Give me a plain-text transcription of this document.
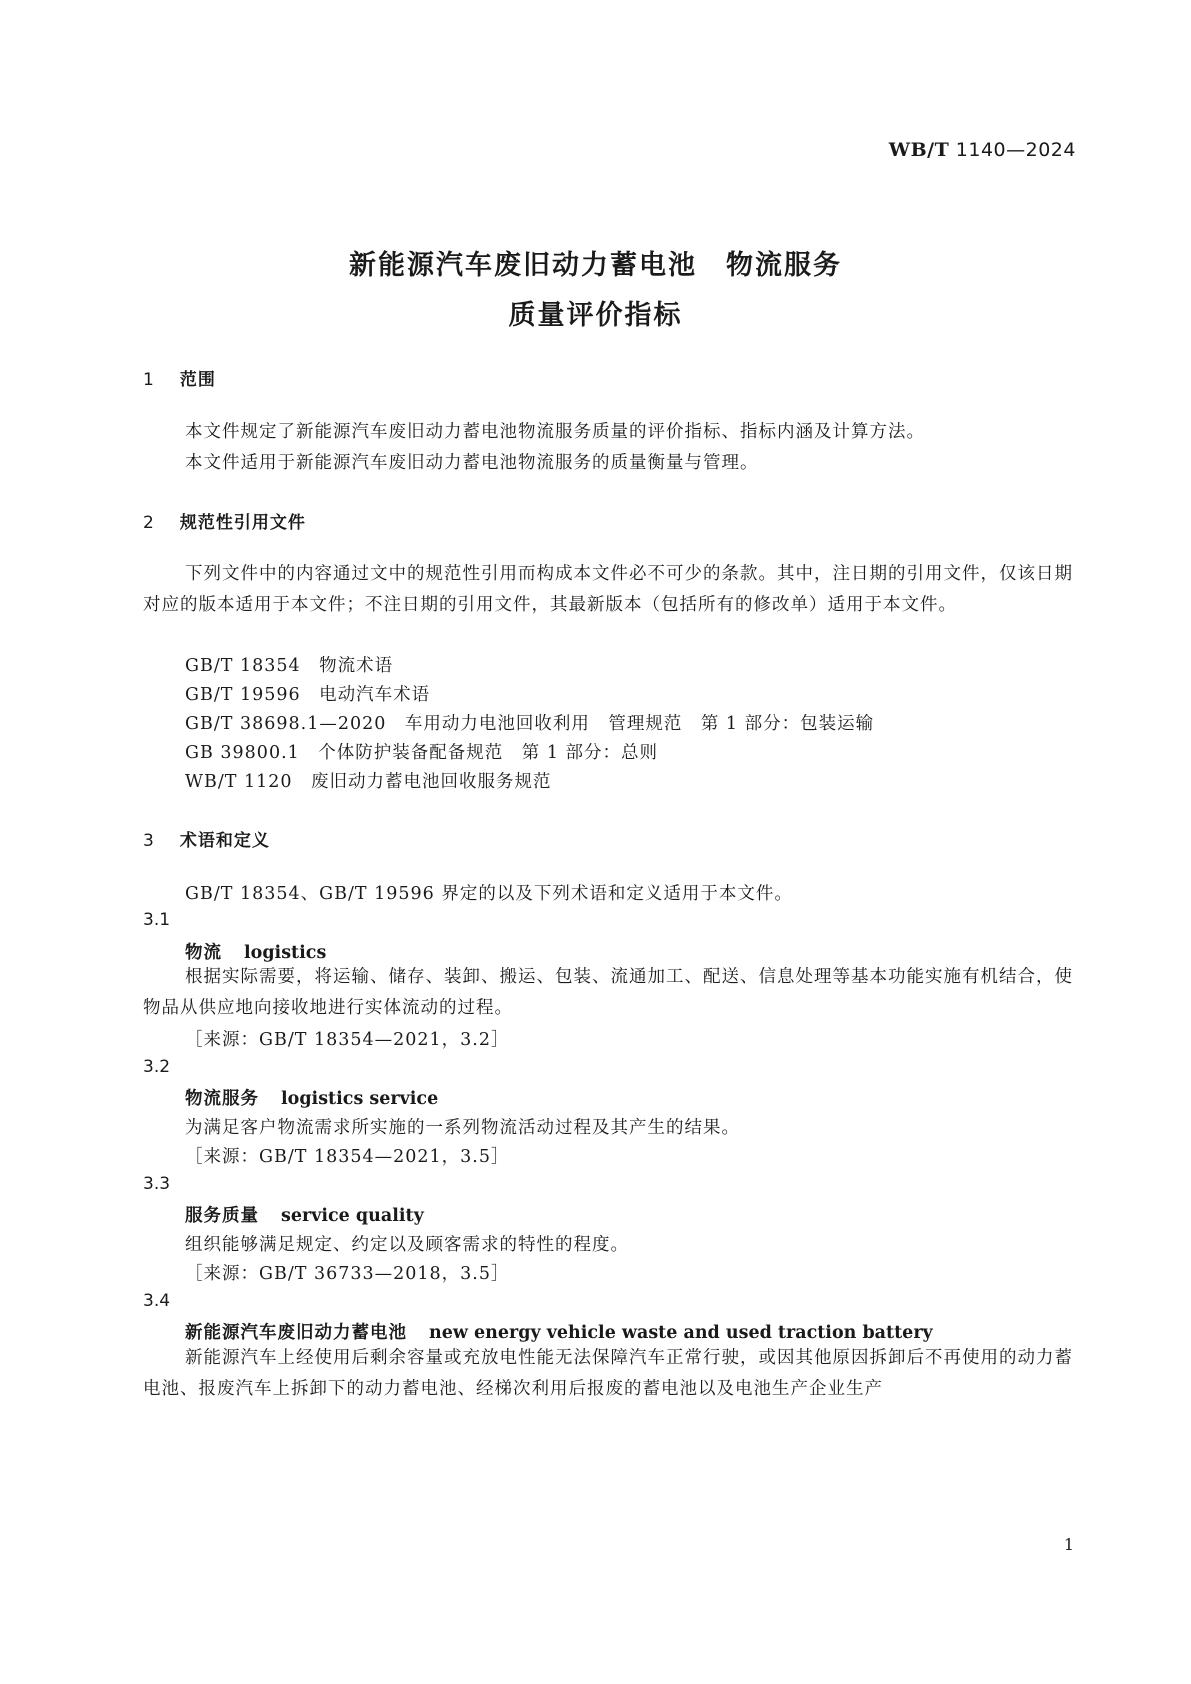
WB/T 1140—2024
新能源汽车废旧动力蓄电池　物流服务
质量评价指标
1 范围
本文件规定了新能源汽车废旧动力蓄电池物流服务质量的评价指标、指标内涵及计算方法。
本文件适用于新能源汽车废旧动力蓄电池物流服务的质量衡量与管理。
2 规范性引用文件
下列文件中的内容通过文中的规范性引用而构成本文件必不可少的条款。其中，注日期的引用文件，仅该日期对应的版本适用于本文件；不注日期的引用文件，其最新版本（包括所有的修改单）适用于本文件。
GB/T 18354　物流术语
GB/T 19596　电动汽车术语
GB/T 38698.1—2020　车用动力电池回收利用　管理规范　第 1 部分：包装运输
GB 39800.1　个体防护装备配备规范　第 1 部分：总则
WB/T 1120　废旧动力蓄电池回收服务规范
3 术语和定义
GB/T 18354、GB/T 19596 界定的以及下列术语和定义适用于本文件。
3.1
物流 logistics
根据实际需要，将运输、储存、装卸、搬运、包装、流通加工、配送、信息处理等基本功能实施有机结合，使物品从供应地向接收地进行实体流动的过程。
［来源：GB/T 18354—2021，3.2］
3.2
物流服务 logistics service
为满足客户物流需求所实施的一系列物流活动过程及其产生的结果。
［来源：GB/T 18354—2021，3.5］
3.3
服务质量 service quality
组织能够满足规定、约定以及顾客需求的特性的程度。
［来源：GB/T 36733—2018，3.5］
3.4
新能源汽车废旧动力蓄电池 new energy vehicle waste and used traction battery
新能源汽车上经使用后剩余容量或充放电性能无法保障汽车正常行驶，或因其他原因拆卸后不再使用的动力蓄电池、报废汽车上拆卸下的动力蓄电池、经梯次利用后报废的蓄电池以及电池生产企业生产
1
